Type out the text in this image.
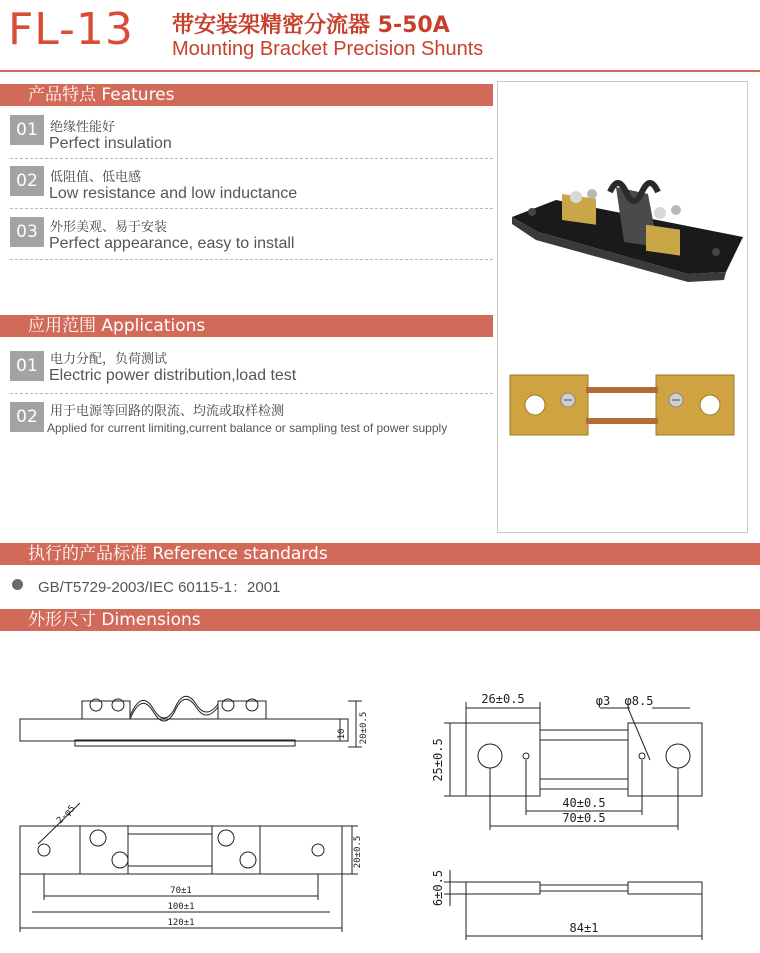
FL-13 带安装架精密分流器 5-50A
Mounting Bracket Precision Shunts
产品特点 Features
01 绝缘性能好
Perfect insulation
02 低阻值、低电感
Low resistance and low inductance
03 外形美观、易于安装
Perfect appearance, easy to install
应用范围 Applications
01 电力分配，负荷测试
Electric power distribution,load test
02 用于电源等回路的限流、均流或取样检测
Applied for current limiting,current balance or sampling test of power supply
执行的产品标准 Reference standards
GB/T5729-2003/IEC 60115-1：2001
外形尺寸 Dimensions
20±0.5
10
2-φ5
20±0.5
70±1
100±1
120±1
26±0.5	φ3 φ8.5
25±0.5
40±0.5
70±0.5
6±0.5
84±1
